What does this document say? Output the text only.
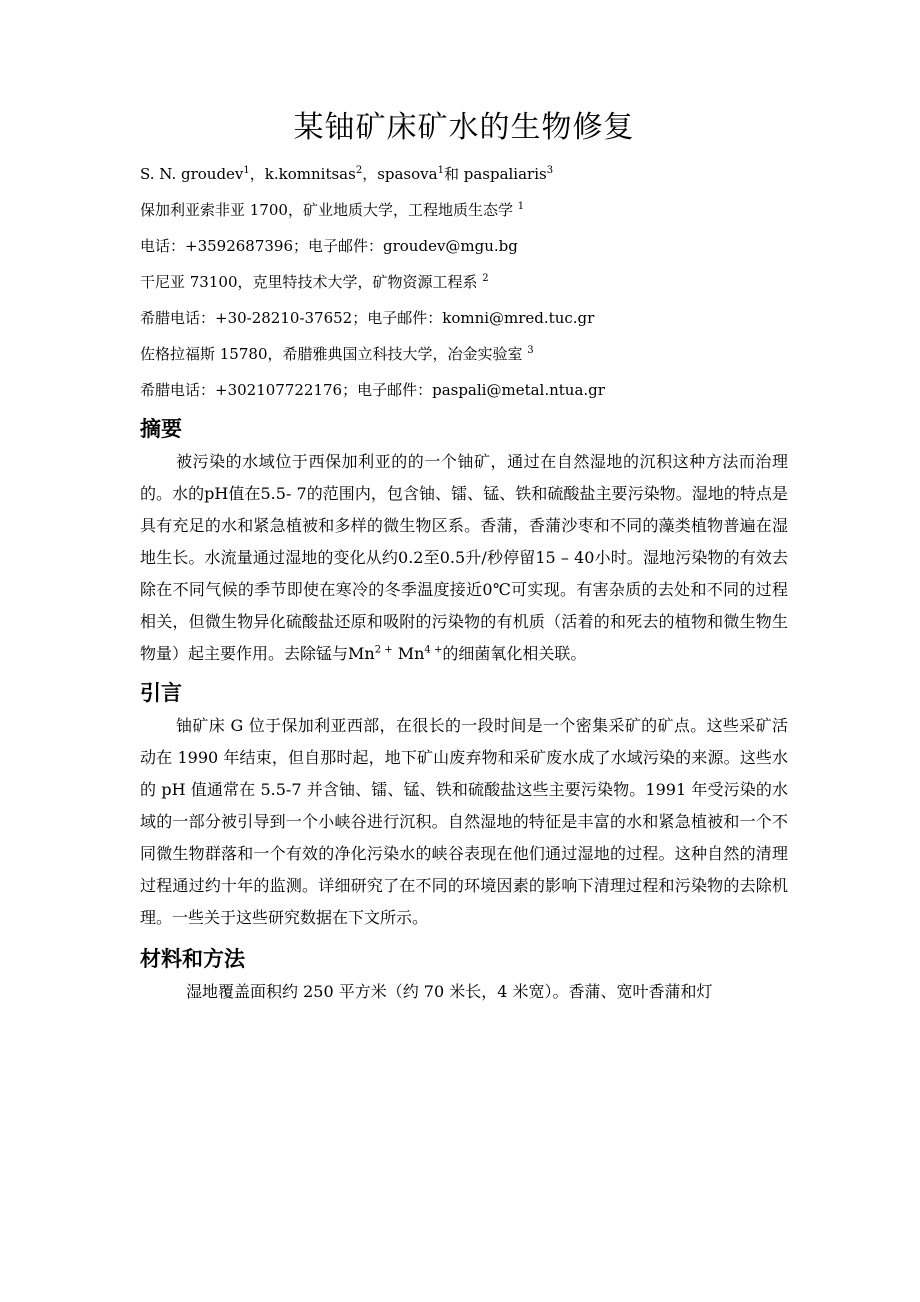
某铀矿床矿水的生物修复
S. N. groudev$^1$，k.komnitsas$^2$，spasova$^1$和 paspaliaris$^3$
保加利亚索非亚 1700，矿业地质大学，工程地质生态学 $^1$
电话：+3592687396；电子邮件：groudev@mgu.bg
干尼亚 73100，克里特技术大学，矿物资源工程系 $^2$
希腊电话：+30-28210-37652；电子邮件：komni@mred.tuc.gr
佐格拉福斯 15780，希腊雅典国立科技大学，冶金实验室 $^3$
希腊电话：+302107722176；电子邮件：paspali@metal.ntua.gr
摘要

被污染的水域位于西保加利亚的的一个铀矿，通过在自然湿地的沉积这种方法而治理的。水的pH值在5.5- 7的范围内，包含铀、镭、锰、铁和硫酸盐主要污染物。湿地的特点是具有充足的水和紧急植被和多样的微生物区系。香蒲，香蒲沙枣和不同的藻类植物普遍在湿地生长。水流量通过湿地的变化从约0.2至0.5升/秒停留15 – 40小时。湿地污染物的有效去除在不同气候的季节即使在寒冷的冬季温度接近0℃可实现。有害杂质的去处和不同的过程相关，但微生物异化硫酸盐还原和吸附的污染物的有机质（活着的和死去的植物和微生物生物量）起主要作用。去除锰与$Mn^{2 +}$ $Mn^{4 +}$的细菌氧化相关联。

引言

铀矿床 G 位于保加利亚西部，在很长的一段时间是一个密集采矿的矿点。这些采矿活动在 1990 年结束，但自那时起，地下矿山废弃物和采矿废水成了水域污染的来源。这些水的 pH 值通常在 5.5-7 并含铀、镭、锰、铁和硫酸盐这些主要污染物。1991 年受污染的水域的一部分被引导到一个小峡谷进行沉积。自然湿地的特征是丰富的水和紧急植被和一个不同微生物群落和一个有效的净化污染水的峡谷表现在他们通过湿地的过程。这种自然的清理过程通过约十年的监测。详细研究了在不同的环境因素的影响下清理过程和污染物的去除机理。一些关于这些研究数据在下文所示。

材料和方法

湿地覆盖面积约 250 平方米（约 70 米长，4 米宽）。香蒲、宽叶香蒲和灯
